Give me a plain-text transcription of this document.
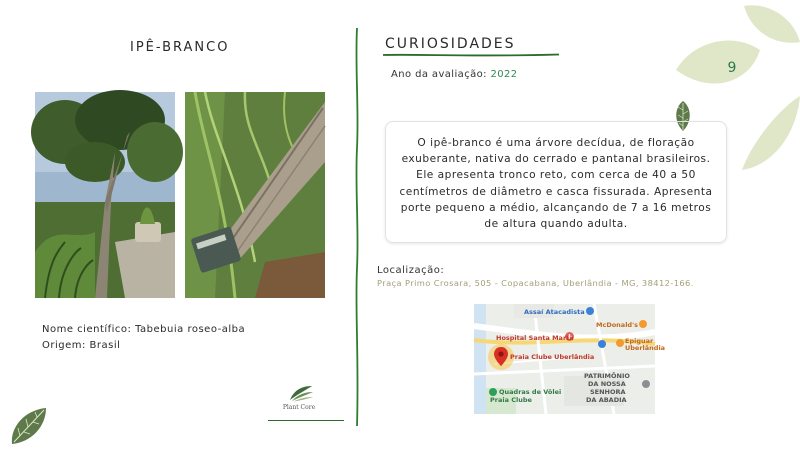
IPÊ-BRANCO
Nome científico: Tabebuia roseo-alba
Origem: Brasil
Plant Core
CURIOSIDADES
Ano da avaliação: 2022
O ipê-branco é uma árvore decídua, de floração exuberante, nativa do cerrado e pantanal brasileiros. Ele apresenta tronco reto, com cerca de 40 a 50 centímetros de diâmetro e casca fissurada. Apresenta porte pequeno a médio, alcançando de 7 a 16 metros de altura quando adulta.
Localização:
Praça Primo Crosara, 505 - Copacabana, Uberlândia - MG, 38412-166.
Assaí Atacadista
McDonald's
Hospital Santa Marta	Epiguar Uberlândia
Praia Clube Uberlândia
PATRIMÔNIO
DA NOSSA
SENHORA
DA ABADIA
Quadras de Vôlei
Praia Clube
9
